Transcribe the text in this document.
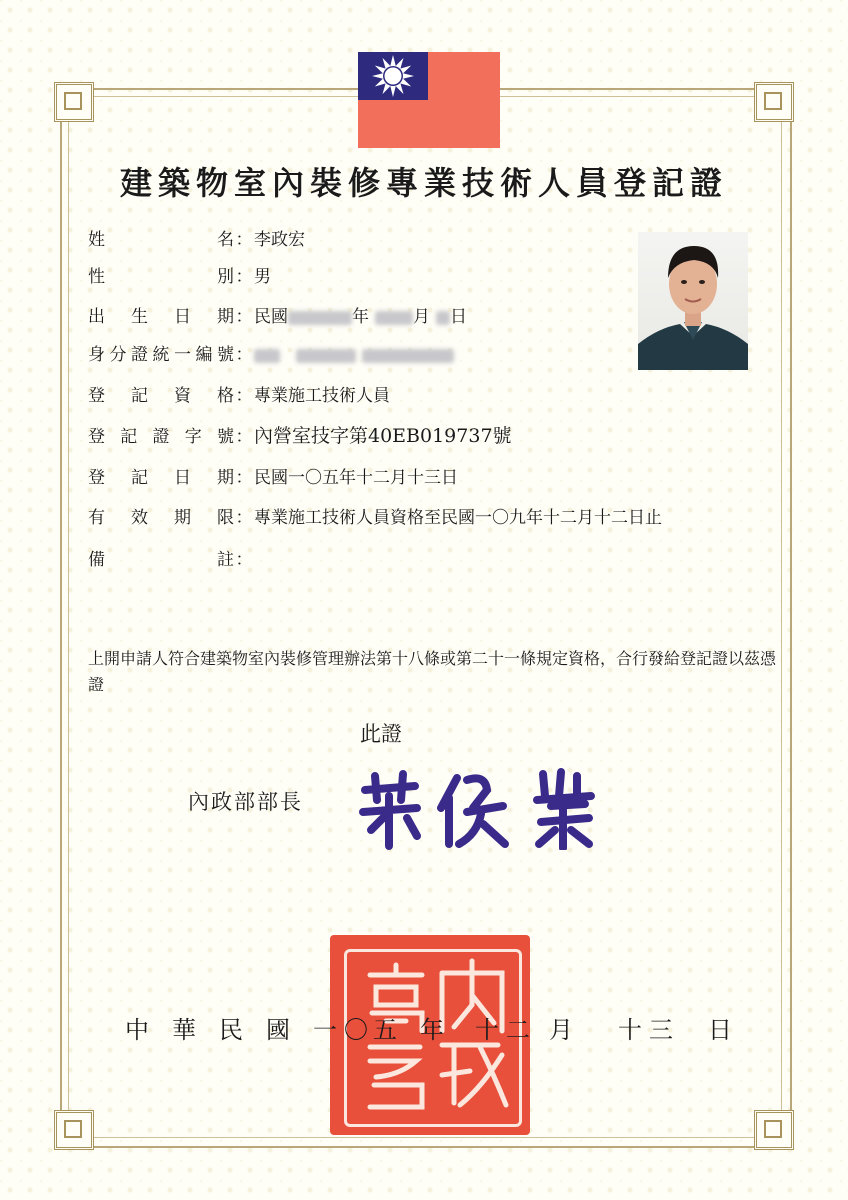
建築物室內裝修專業技術人員登記證
姓名：李政宏
性別：男
出生日期：民國	年	月 日
身分證統一編號：
登記資格：專業施工技術人員
登記證字號：內營室技字第40EB019737號
登記日期：民國一〇五年十二月十三日
有效期限：專業施工技術人員資格至民國一〇九年十二月十二日止
備註：
上開申請人符合建築物室內裝修管理辦法第十八條或第二十一條規定資格，合行發給登記證以茲憑證
此證
內政部部長
中 華 民 國 一 〇 五 年 十 二 月 十 三 日
